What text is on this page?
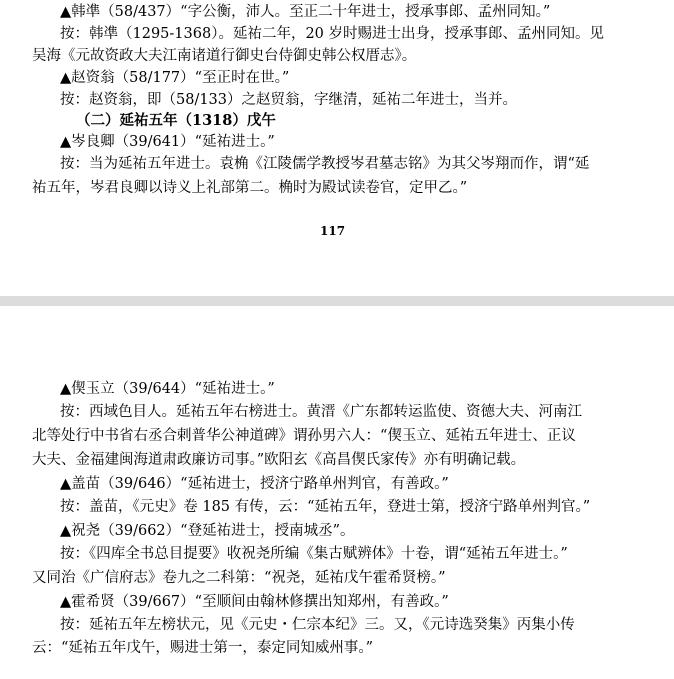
▲韩凖（58/437）“字公衡，沛人。至正二十年进士，授承事郎、孟州同知。”
按：韩凖（1295-1368）。延祐二年，20 岁时赐进士出身，授承事郎、孟州同知。见
吴海《元故资政大夫江南诸道行御史台侍御史韩公权厝志》。
▲赵资翁（58/177）“至正时在世。”
按：赵资翁，即（58/133）之赵贸翁，字继清，延祐二年进士，当并。
（二）延祐五年（1318）戊午
▲岑良卿（39/641）“延祐进士。”
按：当为延祐五年进士。袁桷《江陵儒学教授岑君墓志铭》为其父岑翔而作，谓“延
祐五年，岑君良卿以诗义上礼部第二。桷时为殿试读卷官，定甲乙。”
117
▲偰玉立（39/644）“延祐进士。”
按：西域色目人。延祐五年右榜进士。黄溍《广东都转运监使、资德大夫、河南江
北等处行中书省右丞合剌普华公神道碑》谓孙男六人：“偰玉立、延祐五年进士、正议
大夫、金福建闽海道肃政廉访司事。”欧阳玄《高昌偰氏家传》亦有明确记载。
▲盖苗（39/646）“延祐进士，授济宁路单州判官，有善政。”
按：盖苗，《元史》卷 185 有传，云：“延祐五年，登进士第，授济宁路单州判官。”
▲祝尧（39/662）“登延祐进士，授南城丞”。
按：《四库全书总目提要》收祝尧所编《集古赋辨体》十卷，谓“延祐五年进士。”
又同治《广信府志》卷九之二科第：“祝尧，延祐戊午霍希贤榜。”
▲霍希贤（39/667）“至顺间由翰林修撰出知郑州，有善政。”
按：延祐五年左榜状元，见《元史・仁宗本纪》三。又，《元诗选癸集》丙集小传
云：“延祐五年戊午，赐进士第一，泰定同知威州事。”
